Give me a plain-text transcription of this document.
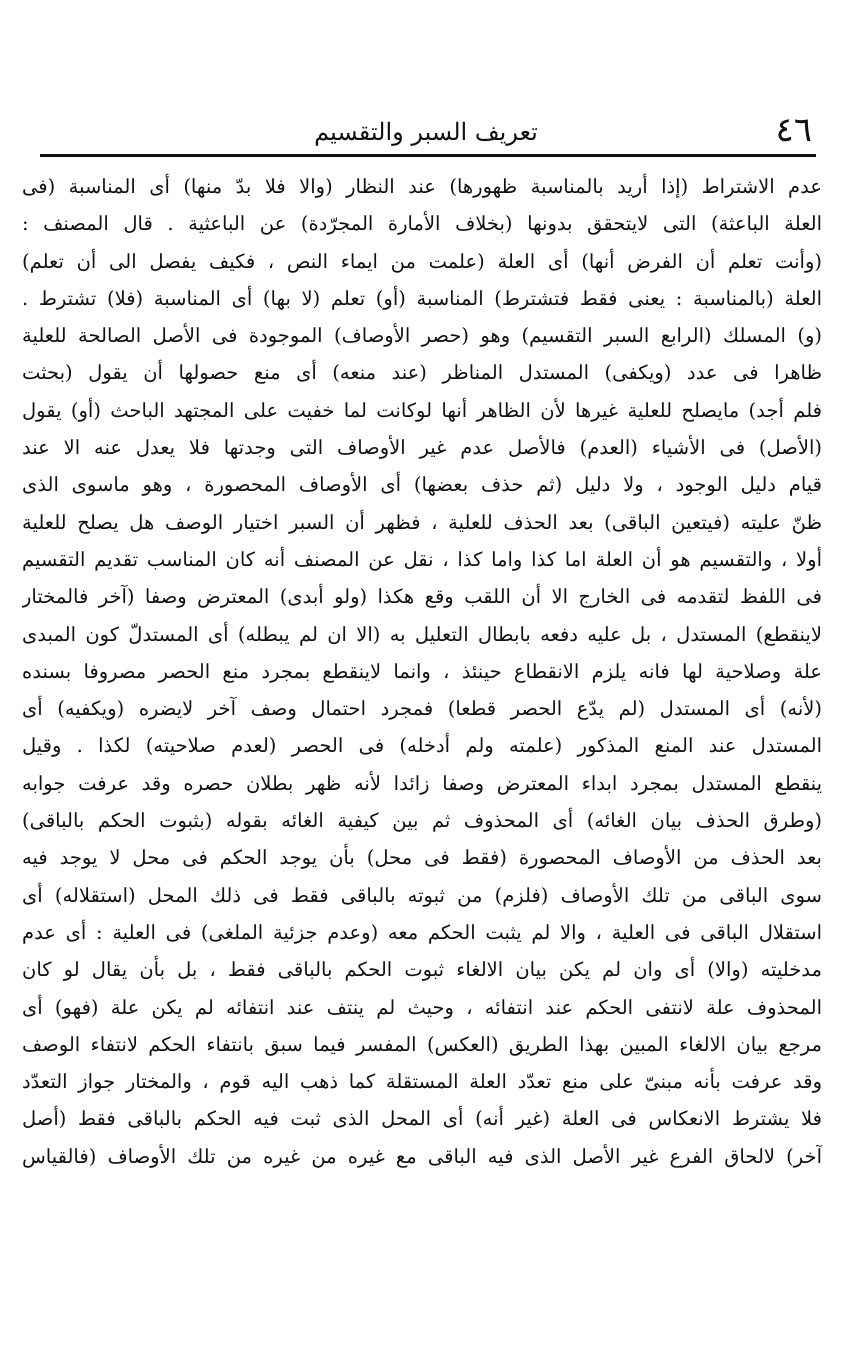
تعريف السبر والتقسيم	٤٦
عدم الاشتراط (إذا أريد بالمناسبة ظهورها) عند النظار (والا فلا بدّ منها) أى المناسبة (فى
العلة الباعثة) التى لايتحقق بدونها (بخلاف الأمارة المجرّدة) عن الباعثية . قال المصنف :
(وأنت تعلم أن الفرض أنها) أى العلة (علمت من ايماء النص ، فكيف يفصل الى أن تعلم)
العلة (بالمناسبة : يعنى فقط فتشترط) المناسبة (أو) تعلم (لا بها) أى المناسبة (فلا) تشترط .
(و) المسلك (الرابع السبر التقسيم) وهو (حصر الأوصاف) الموجودة فى الأصل الصالحة للعلية
ظاهرا فى عدد (ويكفى) المستدل المناظر (عند منعه) أى منع حصولها أن يقول (بحثت
فلم أجد) مايصلح للعلية غيرها لأن الظاهر أنها لوكانت لما خفيت على المجتهد الباحث (أو) يقول
(الأصل) فى الأشياء (العدم) فالأصل عدم غير الأوصاف التى وجدتها فلا يعدل عنه الا عند
قيام دليل الوجود ، ولا دليل (ثم حذف بعضها) أى الأوصاف المحصورة ، وهو ماسوى الذى
ظنّ عليته (فيتعين الباقى) بعد الحذف للعلية ، فظهر أن السبر اختيار الوصف هل يصلح للعلية
أولا ، والتقسيم هو أن العلة اما كذا واما كذا ، نقل عن المصنف أنه كان المناسب تقديم التقسيم
فى اللفظ لتقدمه فى الخارج الا أن اللقب وقع هكذا (ولو أبدى) المعترض وصفا (آخر فالمختار
لاينقطع) المستدل ، بل عليه دفعه بابطال التعليل به (الا ان لم يبطله) أى المستدلّ كون المبدى
علة وصلاحية لها فانه يلزم الانقطاع حينئذ ، وانما لاينقطع بمجرد منع الحصر مصروفا بسنده
(لأنه) أى المستدل (لم يدّع الحصر قطعا) فمجرد احتمال وصف آخر لايضره (ويكفيه) أى
المستدل عند المنع المذكور (علمته ولم أدخله) فى الحصر (لعدم صلاحيته) لكذا . وقيل
ينقطع المستدل بمجرد ابداء المعترض وصفا زائدا لأنه ظهر بطلان حصره وقد عرفت جوابه
(وطرق الحذف بيان الغائه) أى المحذوف ثم بين كيفية الغائه بقوله (بثبوت الحكم بالباقى)
بعد الحذف من الأوصاف المحصورة (فقط فى محل) بأن يوجد الحكم فى محل لا يوجد فيه
سوى الباقى من تلك الأوصاف (فلزم) من ثبوته بالباقى فقط فى ذلك المحل (استقلاله) أى
استقلال الباقى فى العلية ، والا لم يثبت الحكم معه (وعدم جزئية الملغى) فى العلية : أى عدم
مدخليته (والا) أى وان لم يكن بيان الالغاء ثبوت الحكم بالباقى فقط ، بل بأن يقال لو كان
المحذوف علة لانتفى الحكم عند انتفائه ، وحيث لم ينتف عند انتفائه لم يكن علة (فهو) أى
مرجع بيان الالغاء المبين بهذا الطريق (العكس) المفسر فيما سبق بانتفاء الحكم لانتفاء الوصف
وقد عرفت بأنه مبنىّ على منع تعدّد العلة المستقلة كما ذهب اليه قوم ، والمختار جواز التعدّد
فلا يشترط الانعكاس فى العلة (غير أنه) أى المحل الذى ثبت فيه الحكم بالباقى فقط (أصل
آخر) لالحاق الفرع غير الأصل الذى فيه الباقى مع غيره من غيره من تلك الأوصاف (فالقياس
